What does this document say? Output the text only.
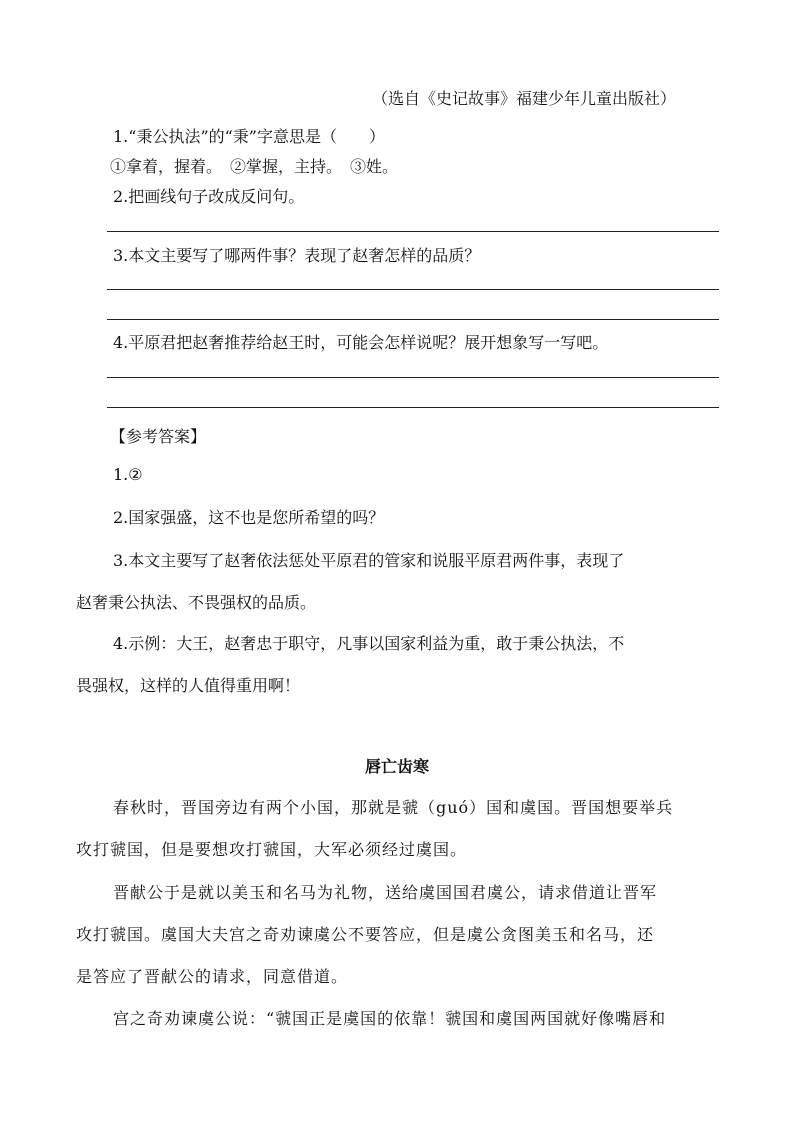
（选自《史记故事》福建少年儿童出版社）
1.“秉公执法”的“秉”字意思是（　　）
①拿着，握着。　②掌握，主持。　③姓。
2.把画线句子改成反问句。
3.本文主要写了哪两件事？表现了赵奢怎样的品质？
4.平原君把赵奢推荐给赵王时，可能会怎样说呢？展开想象写一写吧。
【参考答案】
1.②
2.国家强盛，这不也是您所希望的吗？
3.本文主要写了赵奢依法惩处平原君的管家和说服平原君两件事，表现了
赵奢秉公执法、不畏强权的品质。
4.示例：大王，赵奢忠于职守，凡事以国家利益为重，敢于秉公执法，不
畏强权，这样的人值得重用啊！
唇亡齿寒
春秋时，晋国旁边有两个小国，那就是虢（guó）国和虞国。晋国想要举兵
攻打虢国，但是要想攻打虢国，大军必须经过虞国。
晋献公于是就以美玉和名马为礼物，送给虞国国君虞公，请求借道让晋军
攻打虢国。虞国大夫宫之奇劝谏虞公不要答应，但是虞公贪图美玉和名马，还
是答应了晋献公的请求，同意借道。
宫之奇劝谏虞公说：“虢国正是虞国的依靠！虢国和虞国两国就好像嘴唇和
